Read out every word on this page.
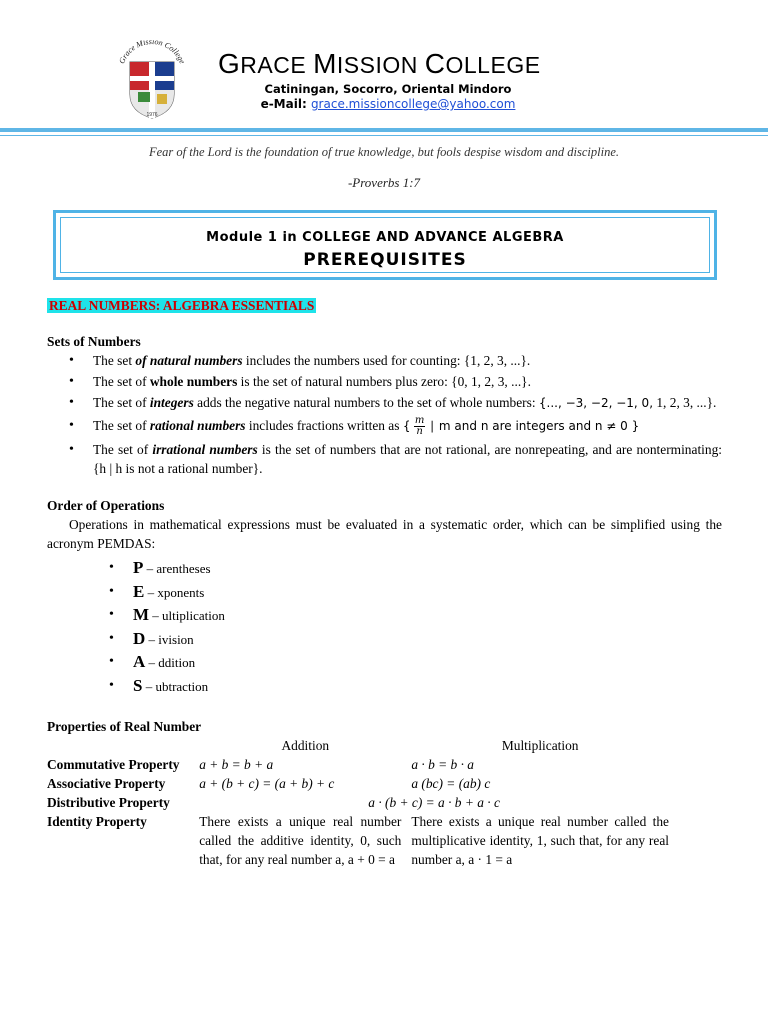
Grace Mission College
1976
GRACE MISSION COLLEGE
Catiningan, Socorro, Oriental Mindoro
e-Mail: grace.missioncollege@yahoo.com
Fear of the Lord is the foundation of true knowledge, but fools despise wisdom and discipline.
-Proverbs 1:7
Module 1 in COLLEGE AND ADVANCE ALGEBRA
PREREQUISITES
REAL NUMBERS: ALGEBRA ESSENTIALS
Sets of Numbers
• The set of natural numbers includes the numbers used for counting: {1, 2, 3, ...}.
• The set of whole numbers is the set of natural numbers plus zero: {0, 1, 2, 3, ...}.
• The set of integers adds the negative natural numbers to the set of whole numbers: {..., −3, −2, −1, 0, 1, 2, 3, ...}.
• The set of rational numbers includes fractions written as { $\frac{m}{n}$ ∣ m and n are integers and n ≠ 0 }
• The set of irrational numbers is the set of numbers that are not rational, are nonrepeating, and are nonterminating: {h | h is not a rational number}.
Order of Operations
Operations in mathematical expressions must be evaluated in a systematic order, which can be simplified using the acronym PEMDAS:
• P – arentheses
• E – xponents
• M – ultiplication
• D – ivision
• A – ddition
• S – ubtraction
Properties of Real Number
	Addition	Multiplication
Commutative Property	a + b = b + a	a · b = b · a
Associative Property	a + (b + c) = (a + b) + c	a (bc) = (ab) c
Distributive Property	a · (b + c) = a · b + a · c	
Identity Property	There exists a unique real number called the additive identity, 0, such that, for any real number a, a + 0 = a	There exists a unique real number called the multiplicative identity, 1, such that, for any real number a, a · 1 = a
